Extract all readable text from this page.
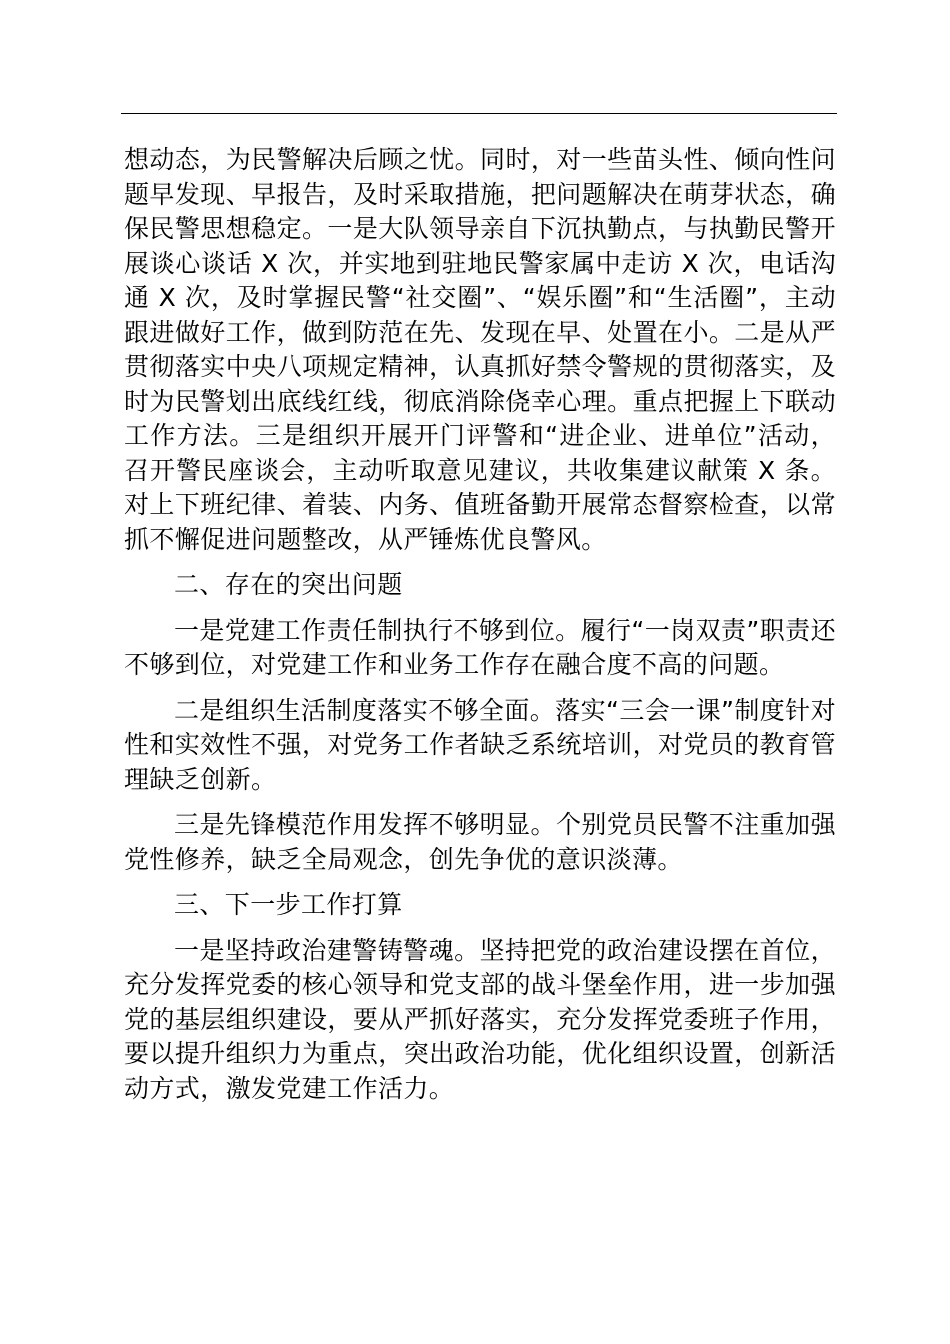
想动态，为民警解决后顾之忧。同时，对一些苗头性、倾向性问题早发现、早报告，及时采取措施，把问题解决在萌芽状态，确保民警思想稳定。一是大队领导亲自下沉执勤点，与执勤民警开展谈心谈话 X 次，并实地到驻地民警家属中走访 X 次，电话沟通 X 次，及时掌握民警“社交圈”、“娱乐圈”和“生活圈”，主动跟进做好工作，做到防范在先、发现在早、处置在小。二是从严贯彻落实中央八项规定精神，认真抓好禁令警规的贯彻落实，及时为民警划出底线红线，彻底消除侥幸心理。重点把握上下联动工作方法。三是组织开展开门评警和“进企业、进单位”活动，召开警民座谈会，主动听取意见建议，共收集建议献策 X 条。对上下班纪律、着装、内务、值班备勤开展常态督察检查，以常抓不懈促进问题整改，从严锤炼优良警风。

二、存在的突出问题

一是党建工作责任制执行不够到位。履行“一岗双责”职责还不够到位，对党建工作和业务工作存在融合度不高的问题。

二是组织生活制度落实不够全面。落实“三会一课”制度针对性和实效性不强，对党务工作者缺乏系统培训，对党员的教育管理缺乏创新。

三是先锋模范作用发挥不够明显。个别党员民警不注重加强党性修养，缺乏全局观念，创先争优的意识淡薄。

三、下一步工作打算

一是坚持政治建警铸警魂。坚持把党的政治建设摆在首位，充分发挥党委的核心领导和党支部的战斗堡垒作用，进一步加强党的基层组织建设，要从严抓好落实，充分发挥党委班子作用，要以提升组织力为重点，突出政治功能，优化组织设置，创新活动方式，激发党建工作活力。
